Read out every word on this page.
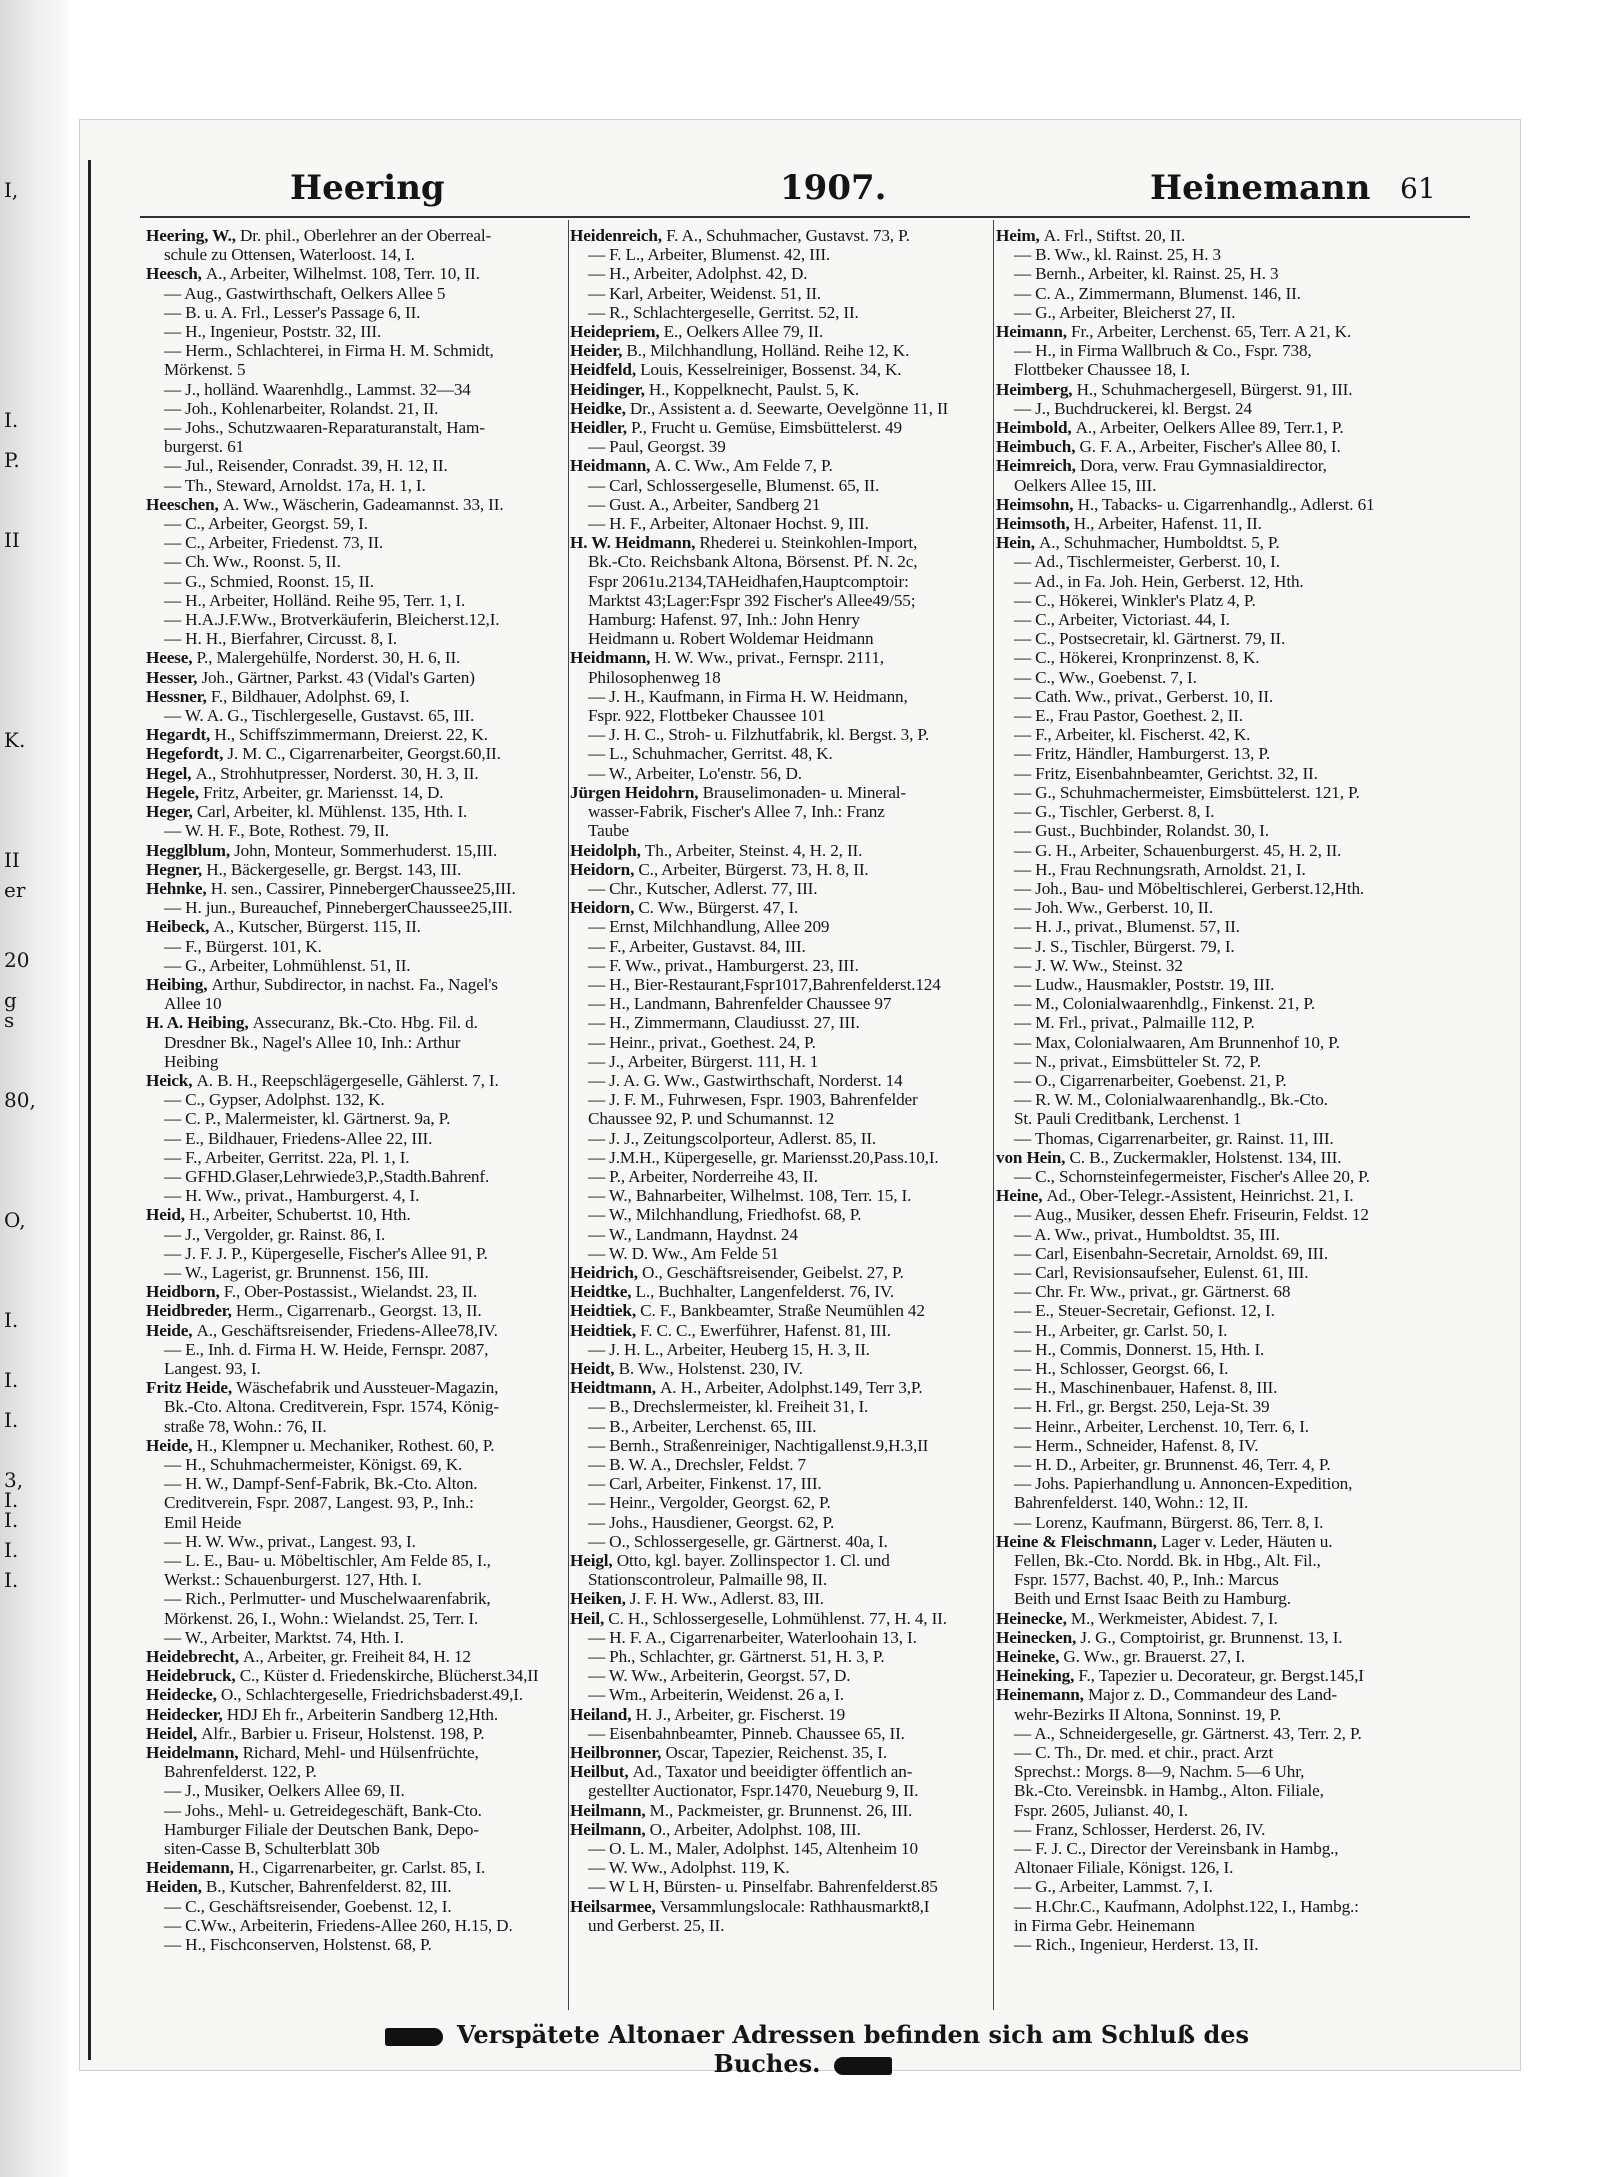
I,
I.
P.
II
K.
II
er
20
g
s
80,
O,
I.
I.
I.
3,
I.
I.
I.
I.
Heering	1907.	Heinemann 61
Heering, W., Dr. phil., Oberlehrer an der Oberreal-
schule zu Ottensen, Waterloost. 14, I.
Heesch, A., Arbeiter, Wilhelmst. 108, Terr. 10, II.
— Aug., Gastwirthschaft, Oelkers Allee 5
— B. u. A. Frl., Lesser's Passage 6, II.
— H., Ingenieur, Poststr. 32, III.
— Herm., Schlachterei, in Firma H. M. Schmidt,
Mörkenst. 5
— J., holländ. Waarenhdlg., Lammst. 32—34
— Joh., Kohlenarbeiter, Rolandst. 21, II.
— Johs., Schutzwaaren-Reparaturanstalt, Ham-
burgerst. 61
— Jul., Reisender, Conradst. 39, H. 12, II.
— Th., Steward, Arnoldst. 17a, H. 1, I.
Heeschen, A. Ww., Wäscherin, Gadeamannst. 33, II.
— C., Arbeiter, Georgst. 59, I.
— C., Arbeiter, Friedenst. 73, II.
— Ch. Ww., Roonst. 5, II.
— G., Schmied, Roonst. 15, II.
— H., Arbeiter, Holländ. Reihe 95, Terr. 1, I.
— H.A.J.F.Ww., Brotverkäuferin, Bleicherst.12,I.
— H. H., Bierfahrer, Circusst. 8, I.
Heese, P., Malergehülfe, Norderst. 30, H. 6, II.
Hesser, Joh., Gärtner, Parkst. 43 (Vidal's Garten)
Hessner, F., Bildhauer, Adolphst. 69, I.
— W. A. G., Tischlergeselle, Gustavst. 65, III.
Hegardt, H., Schiffszimmermann, Dreierst. 22, K.
Hegefordt, J. M. C., Cigarrenarbeiter, Georgst.60,II.
Hegel, A., Strohhutpresser, Norderst. 30, H. 3, II.
Hegele, Fritz, Arbeiter, gr. Mariensst. 14, D.
Heger, Carl, Arbeiter, kl. Mühlenst. 135, Hth. I.
— W. H. F., Bote, Rothest. 79, II.
Hegglblum, John, Monteur, Sommerhuderst. 15,III.
Hegner, H., Bäckergeselle, gr. Bergst. 143, III.
Hehnke, H. sen., Cassirer, PinnebergerChaussee25,III.
— H. jun., Bureauchef, PinnebergerChaussee25,III.
Heibeck, A., Kutscher, Bürgerst. 115, II.
— F., Bürgerst. 101, K.
— G., Arbeiter, Lohmühlenst. 51, II.
Heibing, Arthur, Subdirector, in nachst. Fa., Nagel's
Allee 10
H. A. Heibing, Assecuranz, Bk.-Cto. Hbg. Fil. d.
Dresdner Bk., Nagel's Allee 10, Inh.: Arthur
Heibing
Heick, A. B. H., Reepschlägergeselle, Gählerst. 7, I.
— C., Gypser, Adolphst. 132, K.
— C. P., Malermeister, kl. Gärtnerst. 9a, P.
— E., Bildhauer, Friedens-Allee 22, III.
— F., Arbeiter, Gerritst. 22a, Pl. 1, I.
— GFHD.Glaser,Lehrwiede3,P.,Stadth.Bahrenf.
— H. Ww., privat., Hamburgerst. 4, I.
Heid, H., Arbeiter, Schubertst. 10, Hth.
— J., Vergolder, gr. Rainst. 86, I.
— J. F. J. P., Küpergeselle, Fischer's Allee 91, P.
— W., Lagerist, gr. Brunnenst. 156, III.
Heidborn, F., Ober-Postassist., Wielandst. 23, II.
Heidbreder, Herm., Cigarrenarb., Georgst. 13, II.
Heide, A., Geschäftsreisender, Friedens-Allee78,IV.
— E., Inh. d. Firma H. W. Heide, Fernspr. 2087,
Langest. 93, I.
Fritz Heide, Wäschefabrik und Aussteuer-Magazin,
Bk.-Cto. Altona. Creditverein, Fspr. 1574, König-
straße 78, Wohn.: 76, II.
Heide, H., Klempner u. Mechaniker, Rothest. 60, P.
— H., Schuhmachermeister, Königst. 69, K.
— H. W., Dampf-Senf-Fabrik, Bk.-Cto. Alton.
Creditverein, Fspr. 2087, Langest. 93, P., Inh.:
Emil Heide
— H. W. Ww., privat., Langest. 93, I.
— L. E., Bau- u. Möbeltischler, Am Felde 85, I.,
Werkst.: Schauenburgerst. 127, Hth. I.
— Rich., Perlmutter- und Muschelwaarenfabrik,
Mörkenst. 26, I., Wohn.: Wielandst. 25, Terr. I.
— W., Arbeiter, Marktst. 74, Hth. I.
Heidebrecht, A., Arbeiter, gr. Freiheit 84, H. 12
Heidebruck, C., Küster d. Friedenskirche, Blücherst.34,II
Heidecke, O., Schlachtergeselle, Friedrichsbaderst.49,I.
Heidecker, HDJ Eh fr., Arbeiterin Sandberg 12,Hth.
Heidel, Alfr., Barbier u. Friseur, Holstenst. 198, P.
Heidelmann, Richard, Mehl- und Hülsenfrüchte,
Bahrenfelderst. 122, P.
— J., Musiker, Oelkers Allee 69, II.
— Johs., Mehl- u. Getreidegeschäft, Bank-Cto.
Hamburger Filiale der Deutschen Bank, Depo-
siten-Casse B, Schulterblatt 30b
Heidemann, H., Cigarrenarbeiter, gr. Carlst. 85, I.
Heiden, B., Kutscher, Bahrenfelderst. 82, III.
— C., Geschäftsreisender, Goebenst. 12, I.
— C.Ww., Arbeiterin, Friedens-Allee 260, H.15, D.
— H., Fischconserven, Holstenst. 68, P.
Heidenreich, F. A., Schuhmacher, Gustavst. 73, P.
— F. L., Arbeiter, Blumenst. 42, III.
— H., Arbeiter, Adolphst. 42, D.
— Karl, Arbeiter, Weidenst. 51, II.
— R., Schlachtergeselle, Gerritst. 52, II.
Heidepriem, E., Oelkers Allee 79, II.
Heider, B., Milchhandlung, Holländ. Reihe 12, K.
Heidfeld, Louis, Kesselreiniger, Bossenst. 34, K.
Heidinger, H., Koppelknecht, Paulst. 5, K.
Heidke, Dr., Assistent a. d. Seewarte, Oevelgönne 11, II
Heidler, P., Frucht u. Gemüse, Eimsbüttelerst. 49
— Paul, Georgst. 39
Heidmann, A. C. Ww., Am Felde 7, P.
— Carl, Schlossergeselle, Blumenst. 65, II.
— Gust. A., Arbeiter, Sandberg 21
— H. F., Arbeiter, Altonaer Hochst. 9, III.
H. W. Heidmann, Rhederei u. Steinkohlen-Import,
Bk.-Cto. Reichsbank Altona, Börsenst. Pf. N. 2c,
Fspr 2061u.2134,TAHeidhafen,Hauptcomptoir:
Marktst 43;Lager:Fspr 392 Fischer's Allee49/55;
Hamburg: Hafenst. 97, Inh.: John Henry
Heidmann u. Robert Woldemar Heidmann
Heidmann, H. W. Ww., privat., Fernspr. 2111,
Philosophenweg 18
— J. H., Kaufmann, in Firma H. W. Heidmann,
Fspr. 922, Flottbeker Chaussee 101
— J. H. C., Stroh- u. Filzhutfabrik, kl. Bergst. 3, P.
— L., Schuhmacher, Gerritst. 48, K.
— W., Arbeiter, Lo'enstr. 56, D.
Jürgen Heidohrn, Brauselimonaden- u. Mineral-
wasser-Fabrik, Fischer's Allee 7, Inh.: Franz
Taube
Heidolph, Th., Arbeiter, Steinst. 4, H. 2, II.
Heidorn, C., Arbeiter, Bürgerst. 73, H. 8, II.
— Chr., Kutscher, Adlerst. 77, III.
Heidorn, C. Ww., Bürgerst. 47, I.
— Ernst, Milchhandlung, Allee 209
— F., Arbeiter, Gustavst. 84, III.
— F. Ww., privat., Hamburgerst. 23, III.
— H., Bier-Restaurant,Fspr1017,Bahrenfelderst.124
— H., Landmann, Bahrenfelder Chaussee 97
— H., Zimmermann, Claudiusst. 27, III.
— Heinr., privat., Goethest. 24, P.
— J., Arbeiter, Bürgerst. 111, H. 1
— J. A. G. Ww., Gastwirthschaft, Norderst. 14
— J. F. M., Fuhrwesen, Fspr. 1903, Bahrenfelder
Chaussee 92, P. und Schumannst. 12
— J. J., Zeitungscolporteur, Adlerst. 85, II.
— J.M.H., Küpergeselle, gr. Mariensst.20,Pass.10,I.
— P., Arbeiter, Norderreihe 43, II.
— W., Bahnarbeiter, Wilhelmst. 108, Terr. 15, I.
— W., Milchhandlung, Friedhofst. 68, P.
— W., Landmann, Haydnst. 24
— W. D. Ww., Am Felde 51
Heidrich, O., Geschäftsreisender, Geibelst. 27, P.
Heidtke, L., Buchhalter, Langenfelderst. 76, IV.
Heidtiek, C. F., Bankbeamter, Straße Neumühlen 42
Heidtiek, F. C. C., Ewerführer, Hafenst. 81, III.
— J. H. L., Arbeiter, Heuberg 15, H. 3, II.
Heidt, B. Ww., Holstenst. 230, IV.
Heidtmann, A. H., Arbeiter, Adolphst.149, Terr 3,P.
— B., Drechslermeister, kl. Freiheit 31, I.
— B., Arbeiter, Lerchenst. 65, III.
— Bernh., Straßenreiniger, Nachtigallenst.9,H.3,II
— B. W. A., Drechsler, Feldst. 7
— Carl, Arbeiter, Finkenst. 17, III.
— Heinr., Vergolder, Georgst. 62, P.
— Johs., Hausdiener, Georgst. 62, P.
— O., Schlossergeselle, gr. Gärtnerst. 40a, I.
Heigl, Otto, kgl. bayer. Zollinspector 1. Cl. und
Stationscontroleur, Palmaille 98, II.
Heiken, J. F. H. Ww., Adlerst. 83, III.
Heil, C. H., Schlossergeselle, Lohmühlenst. 77, H. 4, II.
— H. F. A., Cigarrenarbeiter, Waterloohain 13, I.
— Ph., Schlachter, gr. Gärtnerst. 51, H. 3, P.
— W. Ww., Arbeiterin, Georgst. 57, D.
— Wm., Arbeiterin, Weidenst. 26 a, I.
Heiland, H. J., Arbeiter, gr. Fischerst. 19
— Eisenbahnbeamter, Pinneb. Chaussee 65, II.
Heilbronner, Oscar, Tapezier, Reichenst. 35, I.
Heilbut, Ad., Taxator und beeidigter öffentlich an-
gestellter Auctionator, Fspr.1470, Neueburg 9, II.
Heilmann, M., Packmeister, gr. Brunnenst. 26, III.
Heilmann, O., Arbeiter, Adolphst. 108, III.
— O. L. M., Maler, Adolphst. 145, Altenheim 10
— W. Ww., Adolphst. 119, K.
— W L H, Bürsten- u. Pinselfabr. Bahrenfelderst.85
Heilsarmee, Versammlungslocale: Rathhausmarkt8,I
und Gerberst. 25, II.
Heim, A. Frl., Stiftst. 20, II.
— B. Ww., kl. Rainst. 25, H. 3
— Bernh., Arbeiter, kl. Rainst. 25, H. 3
— C. A., Zimmermann, Blumenst. 146, II.
— G., Arbeiter, Bleicherst 27, II.
Heimann, Fr., Arbeiter, Lerchenst. 65, Terr. A 21, K.
— H., in Firma Wallbruch & Co., Fspr. 738,
Flottbeker Chaussee 18, I.
Heimberg, H., Schuhmachergesell, Bürgerst. 91, III.
— J., Buchdruckerei, kl. Bergst. 24
Heimbold, A., Arbeiter, Oelkers Allee 89, Terr.1, P.
Heimbuch, G. F. A., Arbeiter, Fischer's Allee 80, I.
Heimreich, Dora, verw. Frau Gymnasialdirector,
Oelkers Allee 15, III.
Heimsohn, H., Tabacks- u. Cigarrenhandlg., Adlerst. 61
Heimsoth, H., Arbeiter, Hafenst. 11, II.
Hein, A., Schuhmacher, Humboldtst. 5, P.
— Ad., Tischlermeister, Gerberst. 10, I.
— Ad., in Fa. Joh. Hein, Gerberst. 12, Hth.
— C., Hökerei, Winkler's Platz 4, P.
— C., Arbeiter, Victoriast. 44, I.
— C., Postsecretair, kl. Gärtnerst. 79, II.
— C., Hökerei, Kronprinzenst. 8, K.
— C., Ww., Goebenst. 7, I.
— Cath. Ww., privat., Gerberst. 10, II.
— E., Frau Pastor, Goethest. 2, II.
— F., Arbeiter, kl. Fischerst. 42, K.
— Fritz, Händler, Hamburgerst. 13, P.
— Fritz, Eisenbahnbeamter, Gerichtst. 32, II.
— G., Schuhmachermeister, Eimsbüttelerst. 121, P.
— G., Tischler, Gerberst. 8, I.
— Gust., Buchbinder, Rolandst. 30, I.
— G. H., Arbeiter, Schauenburgerst. 45, H. 2, II.
— H., Frau Rechnungsrath, Arnoldst. 21, I.
— Joh., Bau- und Möbeltischlerei, Gerberst.12,Hth.
— Joh. Ww., Gerberst. 10, II.
— H. J., privat., Blumenst. 57, II.
— J. S., Tischler, Bürgerst. 79, I.
— J. W. Ww., Steinst. 32
— Ludw., Hausmakler, Poststr. 19, III.
— M., Colonialwaarenhdlg., Finkenst. 21, P.
— M. Frl., privat., Palmaille 112, P.
— Max, Colonialwaaren, Am Brunnenhof 10, P.
— N., privat., Eimsbütteler St. 72, P.
— O., Cigarrenarbeiter, Goebenst. 21, P.
— R. W. M., Colonialwaarenhandlg., Bk.-Cto.
St. Pauli Creditbank, Lerchenst. 1
— Thomas, Cigarrenarbeiter, gr. Rainst. 11, III.
von Hein, C. B., Zuckermakler, Holstenst. 134, III.
— C., Schornsteinfegermeister, Fischer's Allee 20, P.
Heine, Ad., Ober-Telegr.-Assistent, Heinrichst. 21, I.
— Aug., Musiker, dessen Ehefr. Friseurin, Feldst. 12
— A. Ww., privat., Humboldtst. 35, III.
— Carl, Eisenbahn-Secretair, Arnoldst. 69, III.
— Carl, Revisionsaufseher, Eulenst. 61, III.
— Chr. Fr. Ww., privat., gr. Gärtnerst. 68
— E., Steuer-Secretair, Gefionst. 12, I.
— H., Arbeiter, gr. Carlst. 50, I.
— H., Commis, Donnerst. 15, Hth. I.
— H., Schlosser, Georgst. 66, I.
— H., Maschinenbauer, Hafenst. 8, III.
— H. Frl., gr. Bergst. 250, Leja-St. 39
— Heinr., Arbeiter, Lerchenst. 10, Terr. 6, I.
— Herm., Schneider, Hafenst. 8, IV.
— H. D., Arbeiter, gr. Brunnenst. 46, Terr. 4, P.
— Johs. Papierhandlung u. Annoncen-Expedition,
Bahrenfelderst. 140, Wohn.: 12, II.
— Lorenz, Kaufmann, Bürgerst. 86, Terr. 8, I.
Heine & Fleischmann, Lager v. Leder, Häuten u.
Fellen, Bk.-Cto. Nordd. Bk. in Hbg., Alt. Fil.,
Fspr. 1577, Bachst. 40, P., Inh.: Marcus
Beith und Ernst Isaac Beith zu Hamburg.
Heinecke, M., Werkmeister, Abidest. 7, I.
Heinecken, J. G., Comptoirist, gr. Brunnenst. 13, I.
Heineke, G. Ww., gr. Brauerst. 27, I.
Heineking, F., Tapezier u. Decorateur, gr. Bergst.145,I
Heinemann, Major z. D., Commandeur des Land-
wehr-Bezirks II Altona, Sonninst. 19, P.
— A., Schneidergeselle, gr. Gärtnerst. 43, Terr. 2, P.
— C. Th., Dr. med. et chir., pract. Arzt
Sprechst.: Morgs. 8—9, Nachm. 5—6 Uhr,
Bk.-Cto. Vereinsbk. in Hambg., Alton. Filiale,
Fspr. 2605, Julianst. 40, I.
— Franz, Schlosser, Herderst. 26, IV.
— F. J. C., Director der Vereinsbank in Hambg.,
Altonaer Filiale, Königst. 126, I.
— G., Arbeiter, Lammst. 7, I.
— H.Chr.C., Kaufmann, Adolphst.122, I., Hambg.:
in Firma Gebr. Heinemann
— Rich., Ingenieur, Herderst. 13, II.
Verspätete Altonaer Adressen befinden sich am Schluß des Buches.
